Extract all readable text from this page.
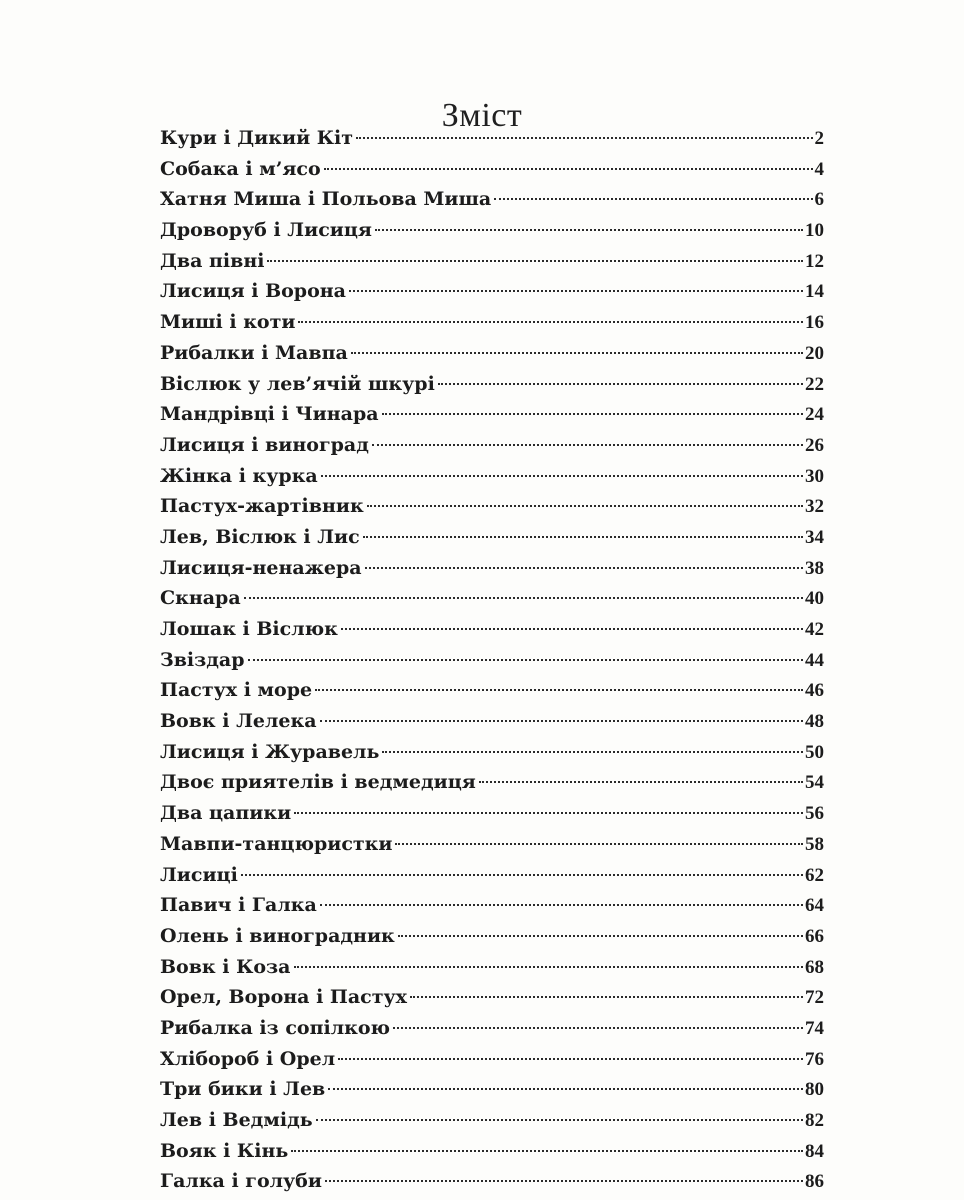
Зміст
Кури і Дикий Кіт	2
Собака і м’ясо	4
Хатня Миша і Польова Миша	6
Дроворуб і Лисиця	10
Два півні	12
Лисиця і Ворона	14
Миші і коти	16
Рибалки і Мавпа	20
Віслюк у лев’ячій шкурі	22
Мандрівці і Чинара	24
Лисиця і виноград	26
Жінка і курка	30
Пастух-жартівник	32
Лев, Віслюк і Лис	34
Лисиця-ненажера	38
Скнара	40
Лошак і Віслюк	42
Звіздар	44
Пастух і море	46
Вовк і Лелека	48
Лисиця і Журавель	50
Двоє приятелів і ведмедиця	54
Два цапики	56
Мавпи-танцюристки	58
Лисиці	62
Павич і Галка	64
Олень і виноградник	66
Вовк і Коза	68
Орел, Ворона і Пастух	72
Рибалка із сопілкою	74
Хлібороб і Орел	76
Три бики і Лев	80
Лев і Ведмідь	82
Вояк і Кінь	84
Галка і голуби	86
